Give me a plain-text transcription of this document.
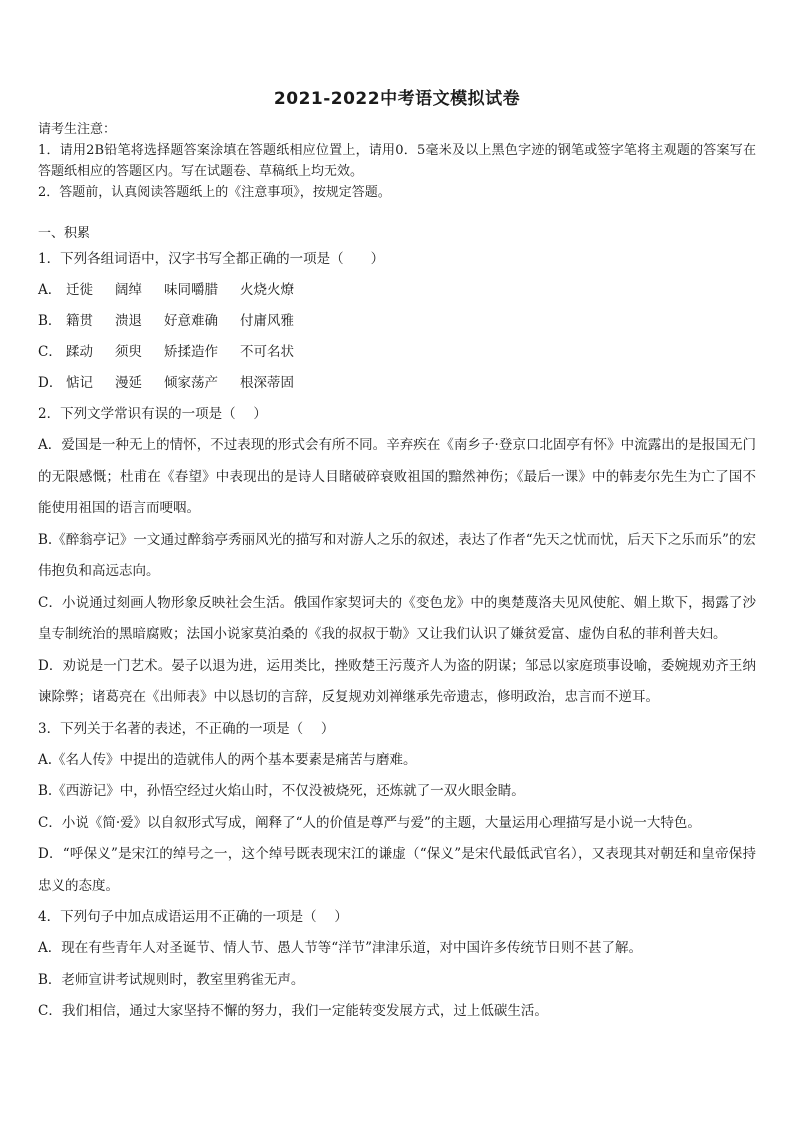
2021-2022中考语文模拟试卷
请考生注意：

1．请用2B铅笔将选择题答案涂填在答题纸相应位置上，请用0．5毫米及以上黑色字迹的钢笔或签字笔将主观题的答案写在答题纸相应的答题区内。写在试题卷、草稿纸上均无效。

2．答题前，认真阅读答题纸上的《注意事项》，按规定答题。

一、积累
1．下列各组词语中，汉字书写全都正确的一项是（　　）
A． 迁徙 阔绰 味同嚼腊 火烧火燎
B． 籍贯 溃退 好意难确 付庸风雅
C． 蹂动 须臾 矫揉造作 不可名状
D． 惦记 漫延 倾家荡产 根深蒂固
2．下列文学常识有误的一项是（　 ）
A．爱国是一种无上的情怀，不过表现的形式会有所不同。辛弃疾在《南乡子·登京口北固亭有怀》中流露出的是报国无门的无限感慨；杜甫在《春望》中表现出的是诗人目睹破碎衰败祖国的黯然神伤；《最后一课》中的韩麦尔先生为亡了国不能使用祖国的语言而哽咽。
B.《醉翁亭记》一文通过醉翁亭秀丽风光的描写和对游人之乐的叙述，表达了作者“先天之忧而忧，后天下之乐而乐”的宏伟抱负和高远志向。
C．小说通过刻画人物形象反映社会生活。俄国作家契诃夫的《变色龙》中的奥楚蔑洛夫见风使舵、媚上欺下，揭露了沙皇专制统治的黑暗腐败；法国小说家莫泊桑的《我的叔叔于勒》又让我们认识了嫌贫爱富、虚伪自私的菲利普夫妇。
D．劝说是一门艺术。晏子以退为进，运用类比，挫败楚王污蔑齐人为盗的阴谋；邹忌以家庭琐事设喻，委婉规劝齐王纳谏除弊；诸葛亮在《出师表》中以恳切的言辞，反复规劝刘禅继承先帝遗志，修明政治，忠言而不逆耳。
3．下列关于名著的表述，不正确的一项是（　 ）
A.《名人传》中提出的造就伟人的两个基本要素是痛苦与磨难。
B.《西游记》中，孙悟空经过火焰山时，不仅没被烧死，还炼就了一双火眼金睛。
C．小说《简·爱》以自叙形式写成，阐释了“人的价值是尊严与爱”的主题，大量运用心理描写是小说一大特色。
D．“呼保义”是宋江的绰号之一，这个绰号既表现宋江的谦虚（“保义”是宋代最低武官名），又表现其对朝廷和皇帝保持忠义的态度。
4．下列句子中加点成语运用不正确的一项是（　 ）
A．现在有些青年人对圣诞节、情人节、愚人节等“洋节”津津乐道，对中国许多传统节日则不甚了解。
B．老师宣讲考试规则时，教室里鸦雀无声。
C．我们相信，通过大家坚持不懈的努力，我们一定能转变发展方式，过上低碳生活。
